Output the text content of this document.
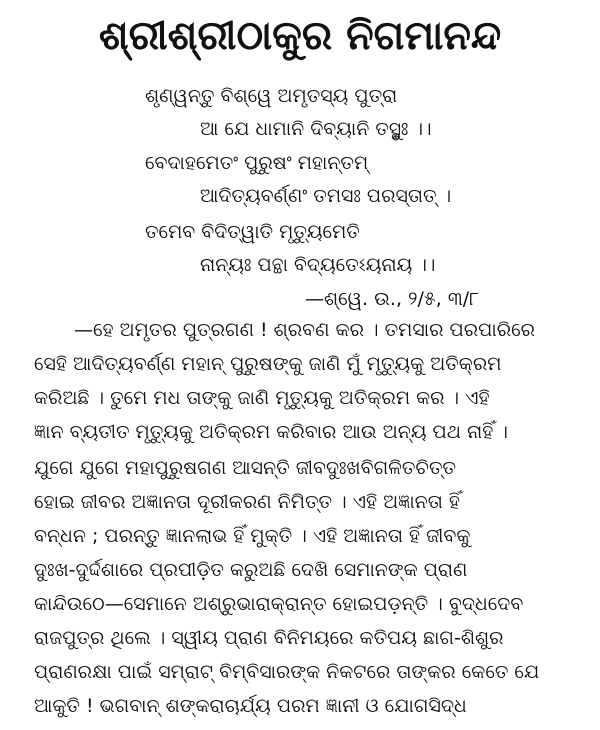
ଶ୍ରୀଶ୍ରୀଠାକୁର ନିଗମାନନ୍ଦ
ଶୃଣ୍ୱନ୍ତୁ ବିଶ୍ୱେ ଅମୃତସ୍ୟ ପୁତ୍ରା
ଆ ଯେ ଧାମାନି ଦିବ୍ୟାନି ତସ୍ଥୁଃ ।।
ବେଦାହମେତଂ ପୁରୁଷଂ ମହାନ୍ତମ୍
ଆଦିତ୍ୟବର୍ଣ୍ଣଂ ତମସଃ ପରସ୍ତାତ୍ ।
ତମେବ ବିଦିତ୍ୱାତି ମୃତ୍ୟୁମେତି
ନାନ୍ୟଃ ପନ୍ଥା ବିଦ୍ୟତେଽୟନାୟ ।।
—ଶ୍ୱେ. ଉ., ୨/୫, ୩/୮
—ହେ ଅମୃତର ପୁତ୍ରଗଣ ! ଶ୍ରବଣ କର । ତମସାର ପରପାରିରେ
ସେହି ଆଦିତ୍ୟବର୍ଣ୍ଣ ମହାନ୍ ପୁରୁଷଙ୍କୁ ଜାଣି ମୁଁ ମୃତ୍ୟୁକୁ ଅତିକ୍ରମ
କରିଅଛି । ତୁମେ ମଧ ତାଙ୍କୁ ଜାଣି ମୃତ୍ୟୁକୁ ଅତିକ୍ରମ କର । ଏହି
ଜ୍ଞାନ ବ୍ୟତୀତ ମୃତ୍ୟୁକୁ ଅତିକ୍ରମ କରିବାର ଆଉ ଅନ୍ୟ ପଥ ନାହିଁ ।
ଯୁଗେ ଯୁଗେ ମହାପୁରୁଷଗଣ ଆସନ୍ତି ଜୀବଦୁଃଖବିଗଳିତଚିତ୍ତ
ହୋଇ ଜୀବର ଅଜ୍ଞାନତା ଦୂରୀକରଣ ନିମିତ୍ତ । ଏହି ଅଜ୍ଞାନତା ହିଁ
ବନ୍ଧନ ; ପରନ୍ତୁ ଜ୍ଞାନଲାଭ ହିଁ ମୁକ୍ତି । ଏହି ଅଜ୍ଞାନତା ହିଁ ଜୀବକୁ
ଦୁଃଖ-ଦୁର୍ଦ୍ଦଶାରେ ପ୍ରପୀଡ଼ିତ କରୁଅଛି ଦେଖି ସେମାନଙ୍କ ପ୍ରାଣ
କାନ୍ଦିଉଠେ—ସେମାନେ ଅଶ୍ରୁଭାରାକ୍ରାନ୍ତ ହୋଇପଡ଼ନ୍ତି । ବୁଦ୍ଧଦେବ
ରାଜପୁତ୍ର ଥିଲେ । ସ୍ୱୀୟ ପ୍ରାଣ ବିନିମୟରେ କତିପୟ ଛାଗ-ଶିଶୁର
ପ୍ରାଣରକ୍ଷା ପାଇଁ ସମ୍ରାଟ୍ ବିମ୍ବିସାରଙ୍କ ନିକଟରେ ତାଙ୍କର କେତେ ଯେ
ଆକୁତି ! ଭଗବାନ୍ ଶଙ୍କରାଚାର୍ଯ୍ୟ ପରମ ଜ୍ଞାନୀ ଓ ଯୋଗସିଦ୍ଧ
